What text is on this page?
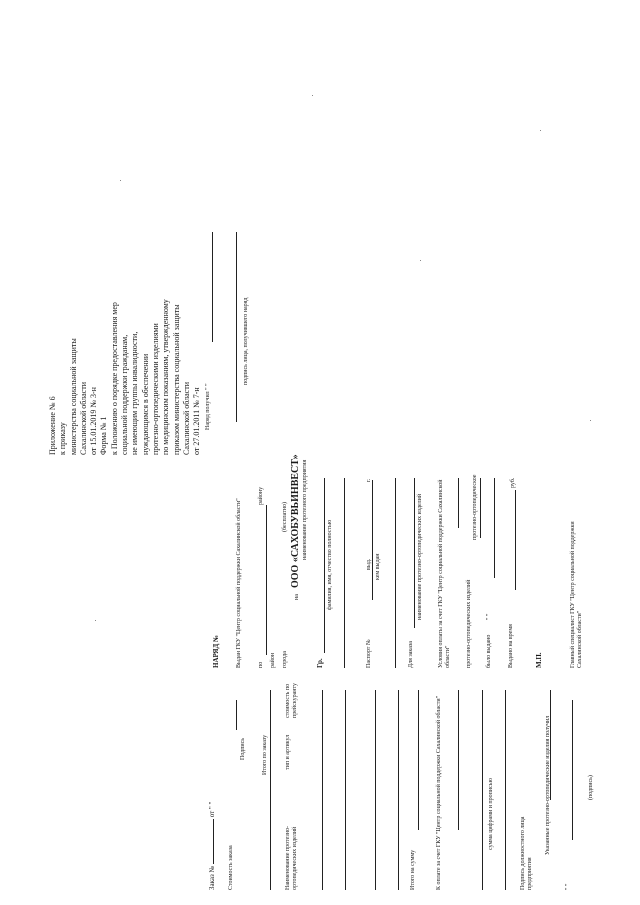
Приложение № 6 к приказу министерства социальной защиты Сахалинской области от 15.01.2019 № 3-н Форма № 1 к Положению о порядке предоставления мер социальной поддержки гражданам, не имеющим группы инвалидности, нуждающимся в обеспечении протезно-ортопедическими изделиями по медицинским показаниям, утвержденному приказом министерства социальной защиты Сахалинской области от 27.01.2011 № 7-н Наряд получил " "
подпись лица, получившего наряд
НАРЯД №	Выдан ГКУ "Центр социальной поддержки Сахалинской области"	по
району
район города
на
ООО «САХОБУВЬИНВЕСТ»
(бесплатно) наименование протезного предприятия
Гр.
фамилия, имя, отчество полностью
Паспорт №
выд.
г.
кем выдан
Для заказа
наименование протезно-ортопедических изделий	Условия оплаты за счет ГКУ "Центр социальной поддержки Сахалинской области"	протезно-ортопедических изделий
протезно-ортопедическое
было выдано
" "
Выдано на время
руб.
М.П.	Главный специалист ГКУ "Центр социальной поддержки Сахалинской области"
Заказ №  от " "
Стоимость заказа
Подпись	Итого по заказу
Наименование протезно-ортопедических изделий
тип и артикул
стоимость по прейскуранту
Итого на сумму	К оплате за счет ГКУ "Центр социальной поддержки Сахалинской области"	сумма цифрами и прописью
Подпись должностного лица предприятия
Указанные протезно-ортопедические изделия получил
" "
(подпись)
